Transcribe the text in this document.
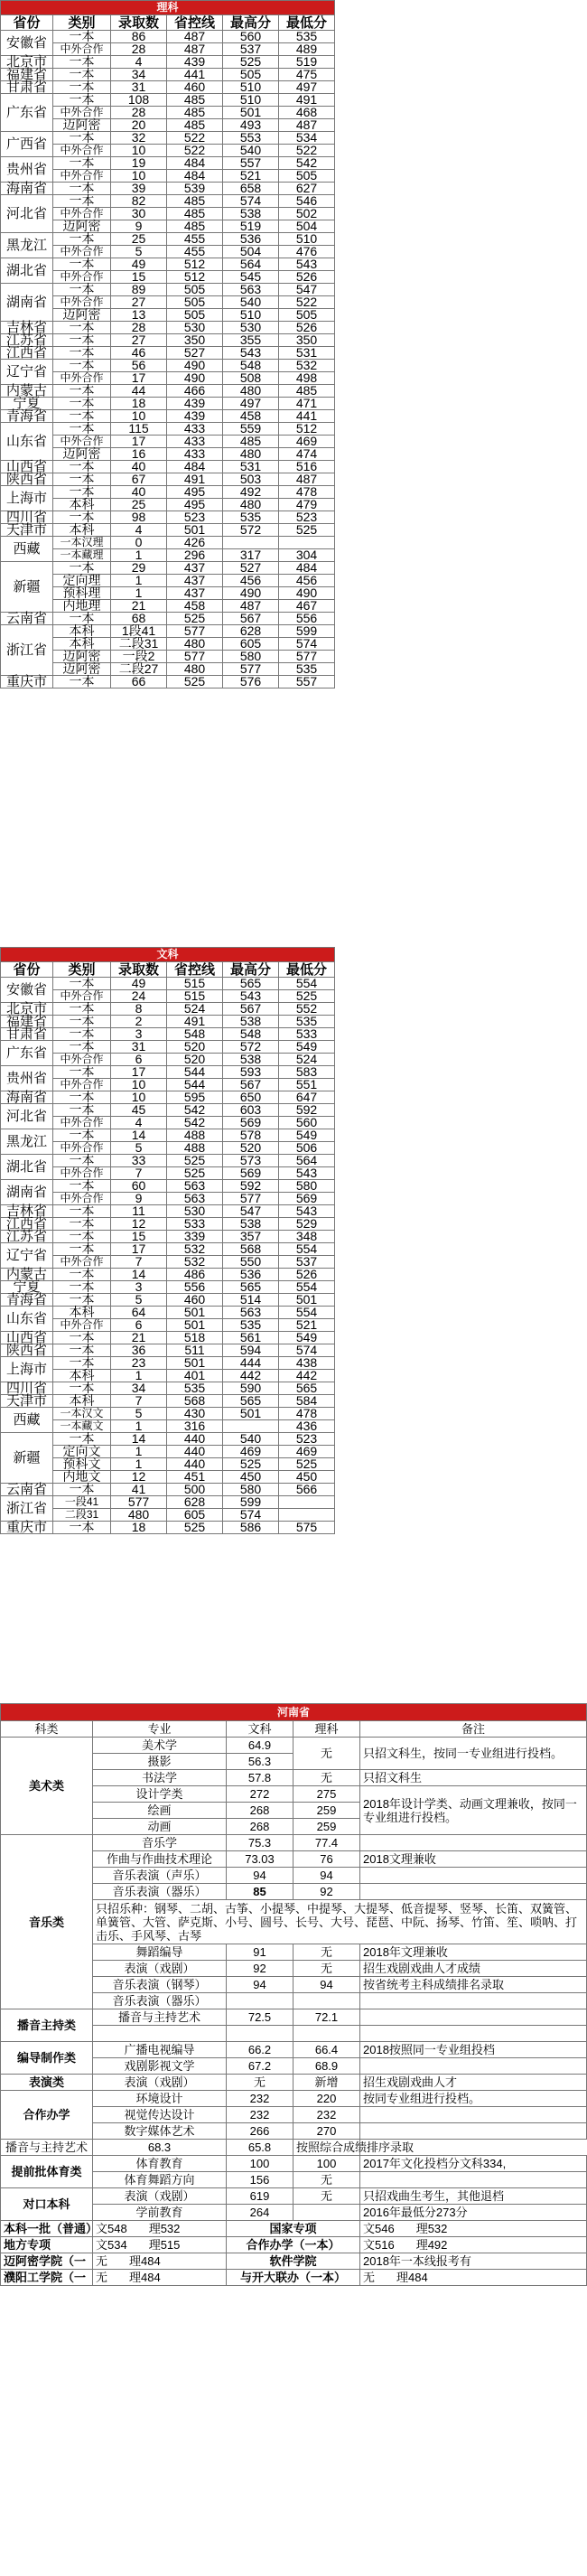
理科					
省份	类别	录取数	省控线	最高分	最低分
安徽省	一本	86	487	560	535
	中外合作	28	487	537	489
北京市	一本	4	439	525	519
福建省	一本	34	441	505	475
甘肃省	一本	31	460	510	497
广东省	一本	108	485	510	491
	中外合作	28	485	501	468
	迈阿密	20	485	493	487
广西省	一本	32	522	553	534
	中外合作	10	522	540	522
贵州省	一本	19	484	557	542
	中外合作	10	484	521	505
海南省	一本	39	539	658	627
河北省	一本	82	485	574	546
	中外合作	30	485	538	502
	迈阿密	9	485	519	504
黑龙江	一本	25	455	536	510
	中外合作	5	455	504	476
湖北省	一本	49	512	564	543
	中外合作	15	512	545	526
湖南省	一本	89	505	563	547
	中外合作	27	505	540	522
	迈阿密	13	505	510	505
吉林省	一本	28	530	530	526
江苏省	一本	27	350	355	350
江西省	一本	46	527	543	531
辽宁省	一本	56	490	548	532
	中外合作	17	490	508	498
内蒙古	一本	44	466	480	485
宁夏	一本	18	439	497	471
青海省	一本	10	439	458	441
山东省	一本	115	433	559	512
	中外合作	17	433	485	469
	迈阿密	16	433	480	474
山西省	一本	40	484	531	516
陕西省	一本	67	491	503	487
上海市	一本	40	495	492	478
	本科	25	495	480	479
四川省	一本	98	523	535	523
天津市	本科	4	501	572	525
西藏	一本汉理	0	426		
	一本藏理	1	296	317	304
新疆	一本	29	437	527	484
	定向理	1	437	456	456
	预科理	1	437	490	490
	内地理	21	458	487	467
云南省	一本	68	525	567	556
浙江省	本科	1段41	577	628	599
	本科	二段31	480	605	574
	迈阿密	一段2	577	580	577
	迈阿密	二段27	480	577	535
重庆市	一本	66	525	576	557
文科					
省份	类别	录取数	省控线	最高分	最低分
安徽省	一本	49	515	565	554
	中外合作	24	515	543	525
北京市	一本	8	524	567	552
福建省	一本	2	491	538	535
甘肃省	一本	3	548	548	533
广东省	一本	31	520	572	549
	中外合作	6	520	538	524
贵州省	一本	17	544	593	583
	中外合作	10	544	567	551
海南省	一本	10	595	650	647
河北省	一本	45	542	603	592
	中外合作	4	542	569	560
黑龙江	一本	14	488	578	549
	中外合作	5	488	520	506
湖北省	一本	33	525	573	564
	中外合作	7	525	569	543
湖南省	一本	60	563	592	580
	中外合作	9	563	577	569
吉林省	一本	11	530	547	543
江西省	一本	12	533	538	529
江苏省	一本	15	339	357	348
辽宁省	一本	17	532	568	554
	中外合作	7	532	550	537
内蒙古	一本	14	486	536	526
宁夏	一本	3	556	565	554
青海省	一本	5	460	514	501
山东省	本科	64	501	563	554
	中外合作	6	501	535	521
山西省	一本	21	518	561	549
陕西省	一本	36	511	594	574
上海市	一本	23	501	444	438
	本科	1	401	442	442
四川省	一本	34	535	590	565
天津市	本科	7	568	565	584
西藏	一本汉文	5	430	501	478
	一本藏文	1	316		436
新疆	一本	14	440	540	523
	定向文	1	440	469	469
	预科文	1	440	525	525
	内地文	12	451	450	450
云南省	一本	41	500	580	566
浙江省	一段41	577	628	599	
	二段31	480	605	574	
重庆市	一本	18	525	586	575
河南省				
科类	专业	文科	理科	备注
美术类	美术学	64.9	无	只招文科生，按同一专业组进行投档。
	摄影	56.3		
	书法学	57.8	无	只招文科生
	设计学类	272	275	2018年设计学类、动画文理兼收，按同一专业组进行投档。
	绘画	268	259	
	动画	268	259	
音乐类	音乐学	75.3	77.4	
	作曲与作曲技术理论	73.03	76	2018文理兼收
	音乐表演（声乐）	94	94	
	音乐表演（器乐）	85	92	
	只招乐种：钢琴、二胡、古筝、小提琴、中提琴、大提琴、低音提琴、竖琴、长笛、双簧管、单簧管、大管、萨克斯、小号、圆号、长号、大号、琵琶、中阮、扬琴、竹笛、笙、唢呐、打击乐、手风琴、古琴			
	舞蹈编导	91	无	2018年文理兼收
	表演（戏剧）	92	无	招生戏剧戏曲人才成绩
	音乐表演（钢琴）	94	94	按省统考主科成绩排名录取
	音乐表演（器乐）			
播音主持类	播音与主持艺术	72.5	72.1	

编导制作类	广播电视编导	66.2	66.4	2018按照同一专业组投档
	戏剧影视文学	67.2	68.9	
表演类	表演（戏剧）	无	新增	招生戏剧戏曲人才
合作办学	环境设计	232	220	按同专业组进行投档。
	视觉传达设计	232	232	
	数字媒体艺术	266	270	
播音与主持艺术	68.3	65.8	按照综合成绩排序录取	
提前批体育类	体育教育	100	100	2017年文化投档分文科334,
	体育舞蹈方向	156	无	
对口本科	表演（戏剧）	619	无	只招戏曲生考生，其他退档
	学前教育	264		2016年最低分273分
本科一批（普通）	文548 理532	国家专项		文546 理532
地方专项	文534 理515	合作办学（一本）		文516 理492
迈阿密学院（一	无 理484	软件学院		2018年一本线报考有
濮阳工学院（一	无 理484	与开大联办（一本）		无 理484
